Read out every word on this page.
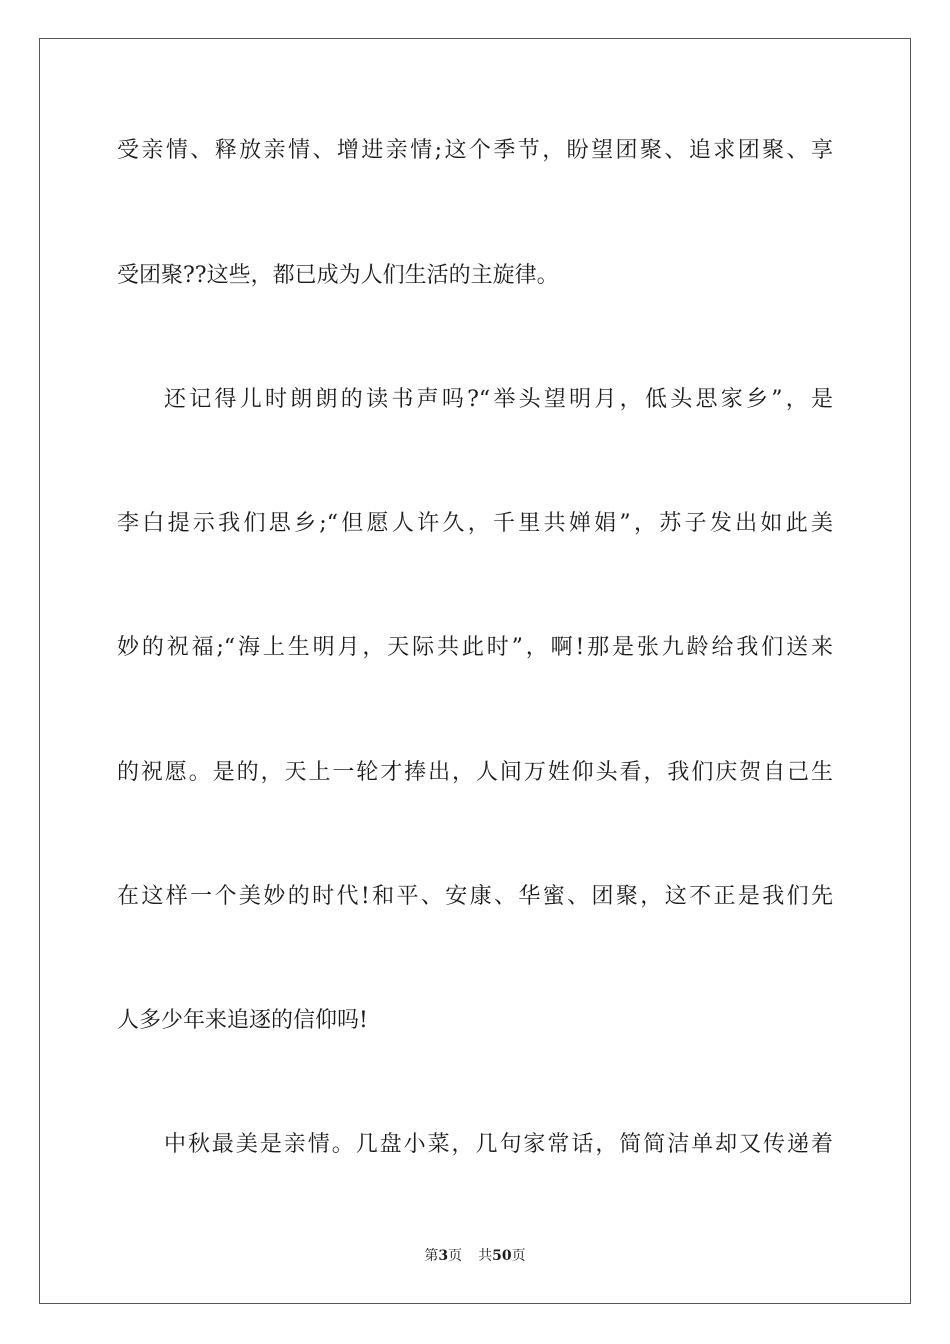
受亲情、释放亲情、增进亲情;这个季节，盼望团聚、追求团聚、享
受团聚??这些，都已成为人们生活的主旋律。
还记得儿时朗朗的读书声吗?“举头望明月，低头思家乡”，是
李白提示我们思乡;“但愿人许久，千里共婵娟”，苏子发出如此美
妙的祝福;“海上生明月，天际共此时”，啊!那是张九龄给我们送来
的祝愿。是的，天上一轮才捧出，人间万姓仰头看，我们庆贺自己生
在这样一个美妙的时代!和平、安康、华蜜、团聚，这不正是我们先
人多少年来追逐的信仰吗!
中秋最美是亲情。几盘小菜，几句家常话，简简洁单却又传递着
第3页 共50页
